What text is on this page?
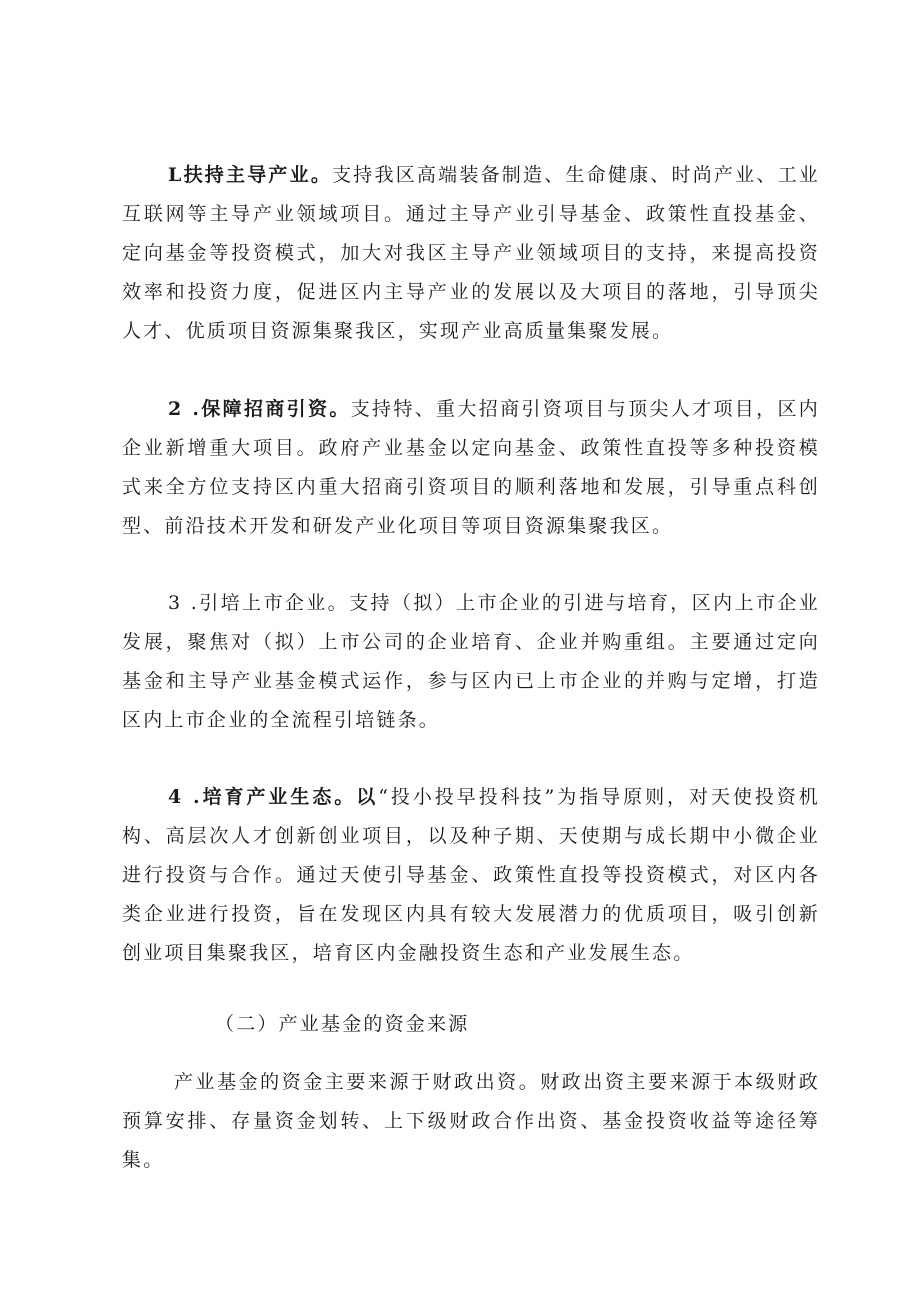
L扶持主导产业。支持我区高端装备制造、生命健康、时尚产业、工业互联网等主导产业领域项目。通过主导产业引导基金、政策性直投基金、定向基金等投资模式，加大对我区主导产业领域项目的支持，来提高投资效率和投资力度，促进区内主导产业的发展以及大项目的落地，引导顶尖人才、优质项目资源集聚我区，实现产业高质量集聚发展。

2 .保障招商引资。支持特、重大招商引资项目与顶尖人才项目，区内企业新增重大项目。政府产业基金以定向基金、政策性直投等多种投资模式来全方位支持区内重大招商引资项目的顺利落地和发展，引导重点科创型、前沿技术开发和研发产业化项目等项目资源集聚我区。

3 .引培上市企业。支持（拟）上市企业的引进与培育，区内上市企业发展，聚焦对（拟）上市公司的企业培育、企业并购重组。主要通过定向基金和主导产业基金模式运作，参与区内已上市企业的并购与定增，打造区内上市企业的全流程引培链条。

4 .培育产业生态。以“投小投早投科技”为指导原则，对天使投资机构、高层次人才创新创业项目，以及种子期、天使期与成长期中小微企业进行投资与合作。通过天使引导基金、政策性直投等投资模式，对区内各类企业进行投资，旨在发现区内具有较大发展潜力的优质项目，吸引创新创业项目集聚我区，培育区内金融投资生态和产业发展生态。

（二）产业基金的资金来源

产业基金的资金主要来源于财政出资。财政出资主要来源于本级财政预算安排、存量资金划转、上下级财政合作出资、基金投资收益等途径筹集。
